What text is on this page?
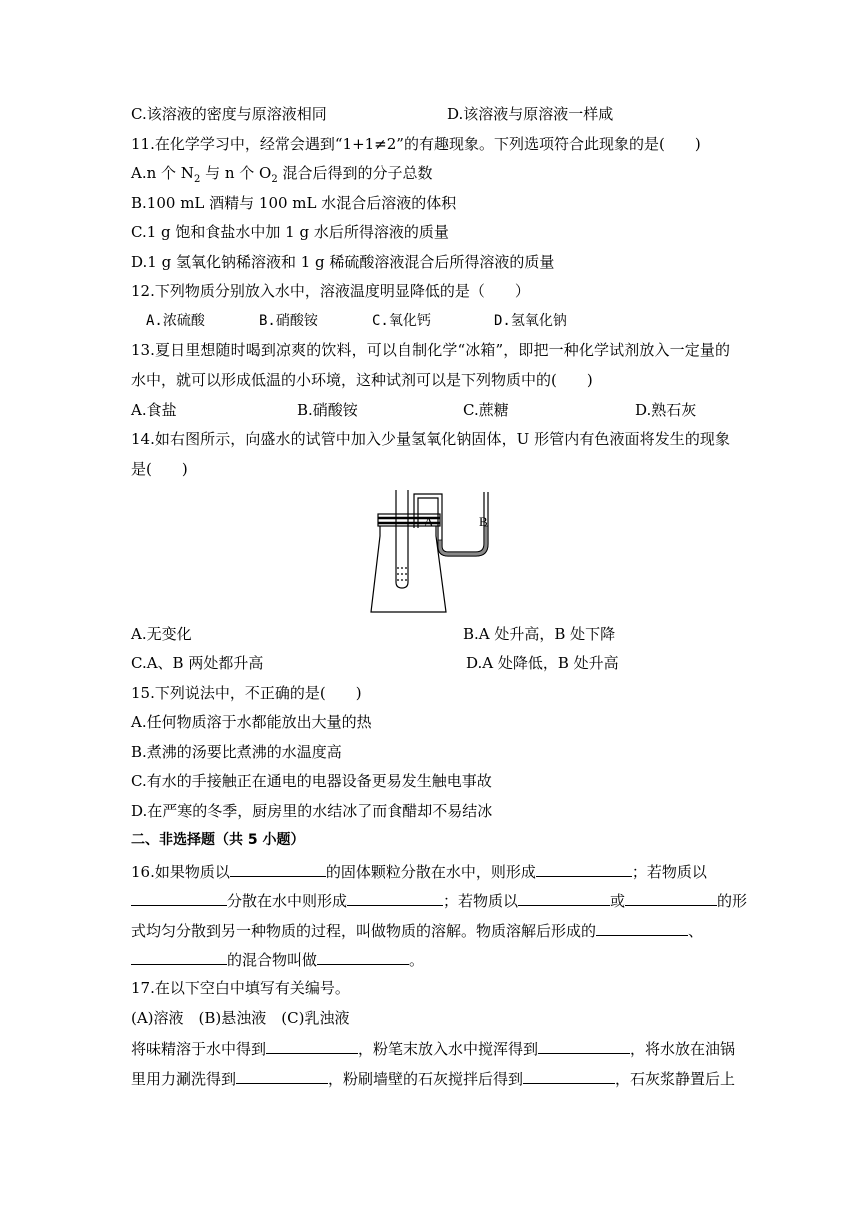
C.该溶液的密度与原溶液相同	D.该溶液与原溶液一样咸
11.在化学学习中，经常会遇到“1+1≠2”的有趣现象。下列选项符合此现象的是(　　)
A.n 个 $N_2$ 与 n 个 $O_2$ 混合后得到的分子总数
B.100 mL 酒精与 100 mL 水混合后溶液的体积
C.1 g 饱和食盐水中加 1 g 水后所得溶液的质量
D.1 g 氢氧化钠稀溶液和 1 g 稀硫酸溶液混合后所得溶液的质量
12.下列物质分别放入水中，溶液温度明显降低的是（　　）
A.浓硫酸	B.硝酸铵	C.氧化钙	D.氢氧化钠
13.夏日里想随时喝到凉爽的饮料，可以自制化学“冰箱”，即把一种化学试剂放入一定量的
水中，就可以形成低温的小环境，这种试剂可以是下列物质中的(　　)
A.食盐	B.硝酸铵	C.蔗糖	D.熟石灰
14.如右图所示，向盛水的试管中加入少量氢氧化钠固体，U 形管内有色液面将发生的现象
是(　　)
A	B
A.无变化	B.A 处升高，B 处下降
C.A、B 两处都升高	D.A 处降低，B 处升高
15.下列说法中，不正确的是(　　)
A.任何物质溶于水都能放出大量的热
B.煮沸的汤要比煮沸的水温度高
C.有水的手接触正在通电的电器设备更易发生触电事故
D.在严寒的冬季，厨房里的水结冰了而食醋却不易结冰
二、非选择题（共 5 小题）
16.如果物质以	的固体颗粒分散在水中，则形成	；若物质以
分散在水中则形成	；若物质以	或	的形
式均匀分散到另一种物质的过程，叫做物质的溶解。物质溶解后形成的	、
的混合物叫做	。
17.在以下空白中填写有关编号。
(A)溶液　(B)悬浊液　(C)乳浊液
将味精溶于水中得到	，粉笔末放入水中搅浑得到	，将水放在油锅
里用力涮洗得到	，粉刷墙壁的石灰搅拌后得到	，石灰浆静置后上
